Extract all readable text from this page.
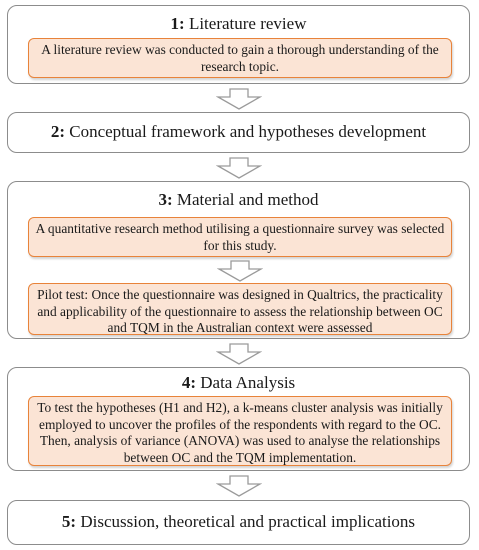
1: Literature review
A literature review was conducted to gain a thorough understanding of the research topic.
2: Conceptual framework and hypotheses development
3: Material and method
A quantitative research method utilising a questionnaire survey was selected for this study.
Pilot test: Once the questionnaire was designed in Qualtrics, the practicality and applicability of the questionnaire to assess the relationship between OC and TQM in the Australian context were assessed
4: Data Analysis
To test the hypotheses (H1 and H2), a k-means cluster analysis was initially employed to uncover the profiles of the respondents with regard to the OC. Then, analysis of variance (ANOVA) was used to analyse the relationships between OC and the TQM implementation.
5: Discussion, theoretical and practical implications
